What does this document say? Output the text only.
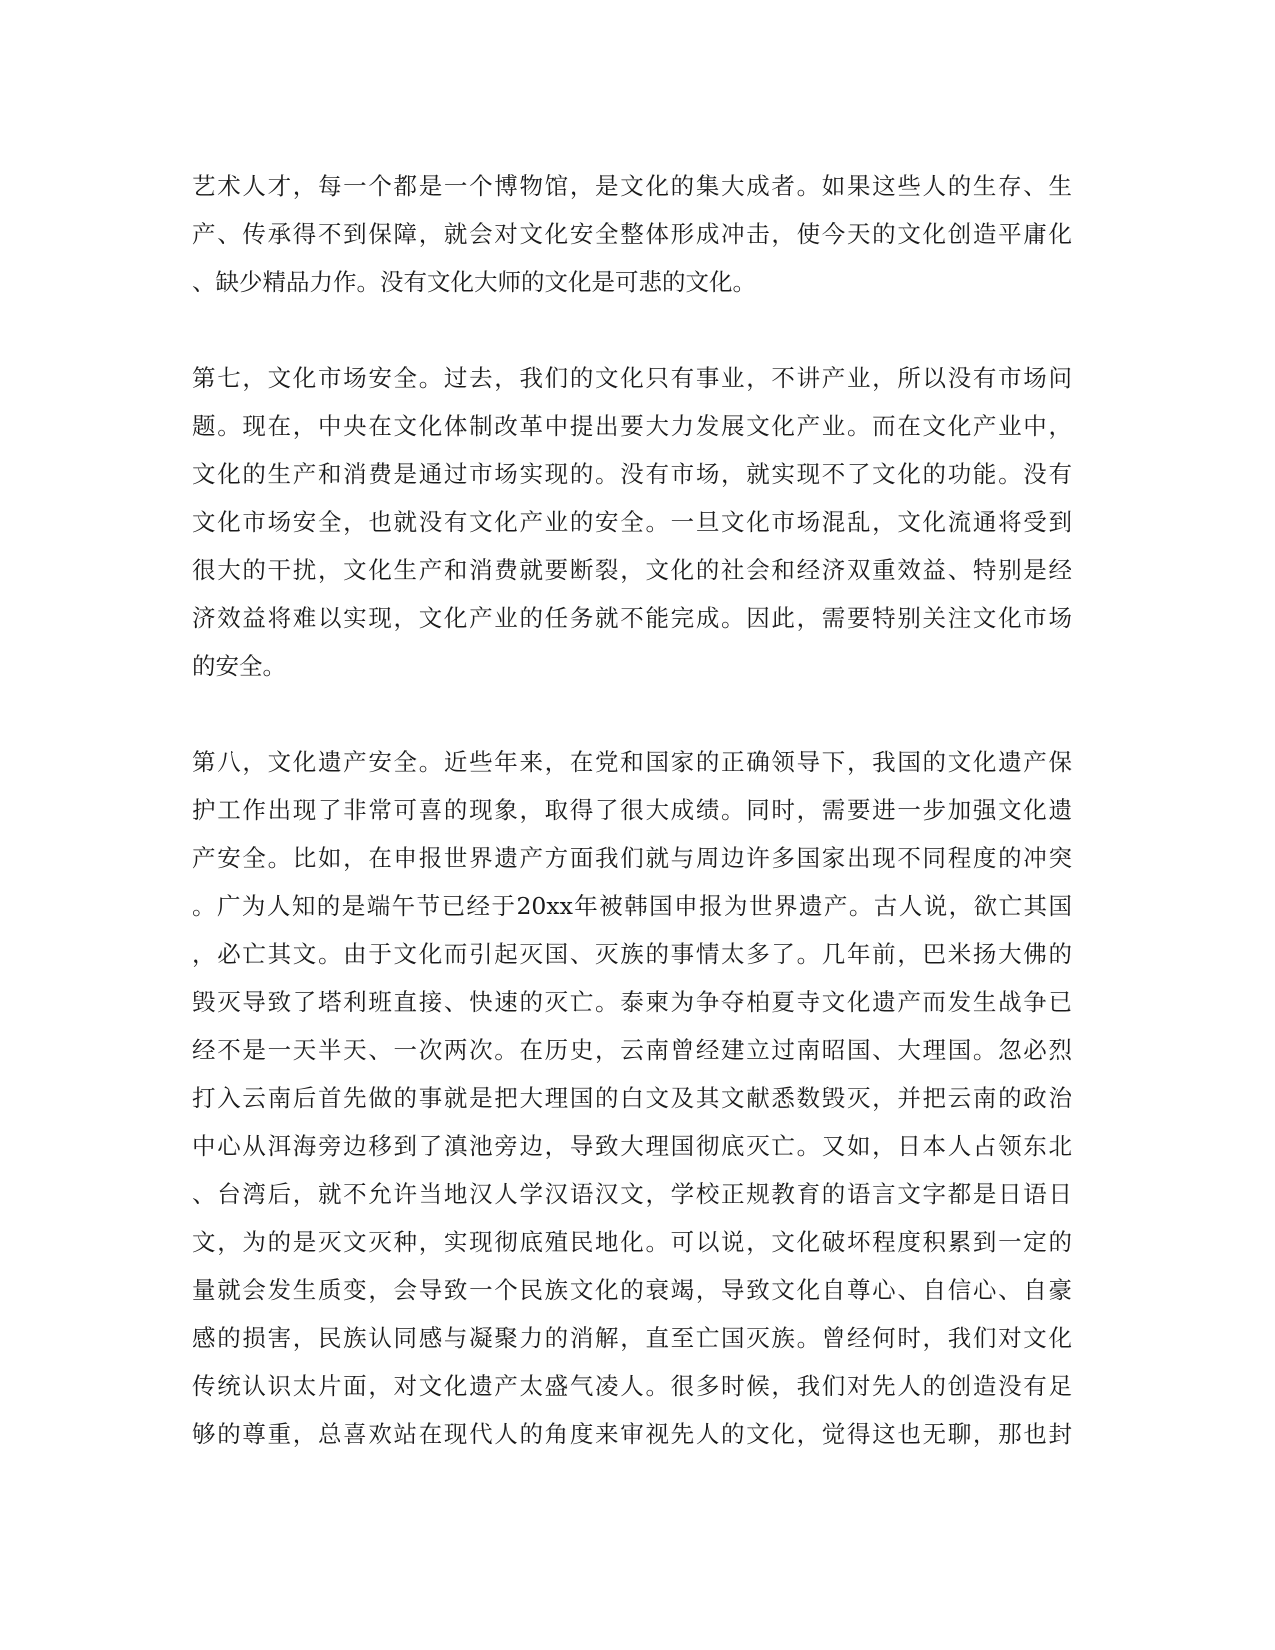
艺术人才，每一个都是一个博物馆，是文化的集大成者。如果这些人的生存、生
产、传承得不到保障，就会对文化安全整体形成冲击，使今天的文化创造平庸化
、缺少精品力作。没有文化大师的文化是可悲的文化。
第七，文化市场安全。过去，我们的文化只有事业，不讲产业，所以没有市场问
题。现在，中央在文化体制改革中提出要大力发展文化产业。而在文化产业中，
文化的生产和消费是通过市场实现的。没有市场，就实现不了文化的功能。没有
文化市场安全，也就没有文化产业的安全。一旦文化市场混乱，文化流通将受到
很大的干扰，文化生产和消费就要断裂，文化的社会和经济双重效益、特别是经
济效益将难以实现，文化产业的任务就不能完成。因此，需要特别关注文化市场
的安全。
第八，文化遗产安全。近些年来，在党和国家的正确领导下，我国的文化遗产保
护工作出现了非常可喜的现象，取得了很大成绩。同时，需要进一步加强文化遗
产安全。比如，在申报世界遗产方面我们就与周边许多国家出现不同程度的冲突
。广为人知的是端午节已经于20xx年被韩国申报为世界遗产。古人说，欲亡其国
，必亡其文。由于文化而引起灭国、灭族的事情太多了。几年前，巴米扬大佛的
毁灭导致了塔利班直接、快速的灭亡。泰柬为争夺柏夏寺文化遗产而发生战争已
经不是一天半天、一次两次。在历史，云南曾经建立过南昭国、大理国。忽必烈
打入云南后首先做的事就是把大理国的白文及其文献悉数毁灭，并把云南的政治
中心从洱海旁边移到了滇池旁边，导致大理国彻底灭亡。又如，日本人占领东北
、台湾后，就不允许当地汉人学汉语汉文，学校正规教育的语言文字都是日语日
文，为的是灭文灭种，实现彻底殖民地化。可以说，文化破坏程度积累到一定的
量就会发生质变，会导致一个民族文化的衰竭，导致文化自尊心、自信心、自豪
感的损害，民族认同感与凝聚力的消解，直至亡国灭族。曾经何时，我们对文化
传统认识太片面，对文化遗产太盛气凌人。很多时候，我们对先人的创造没有足
够的尊重，总喜欢站在现代人的角度来审视先人的文化，觉得这也无聊，那也封
